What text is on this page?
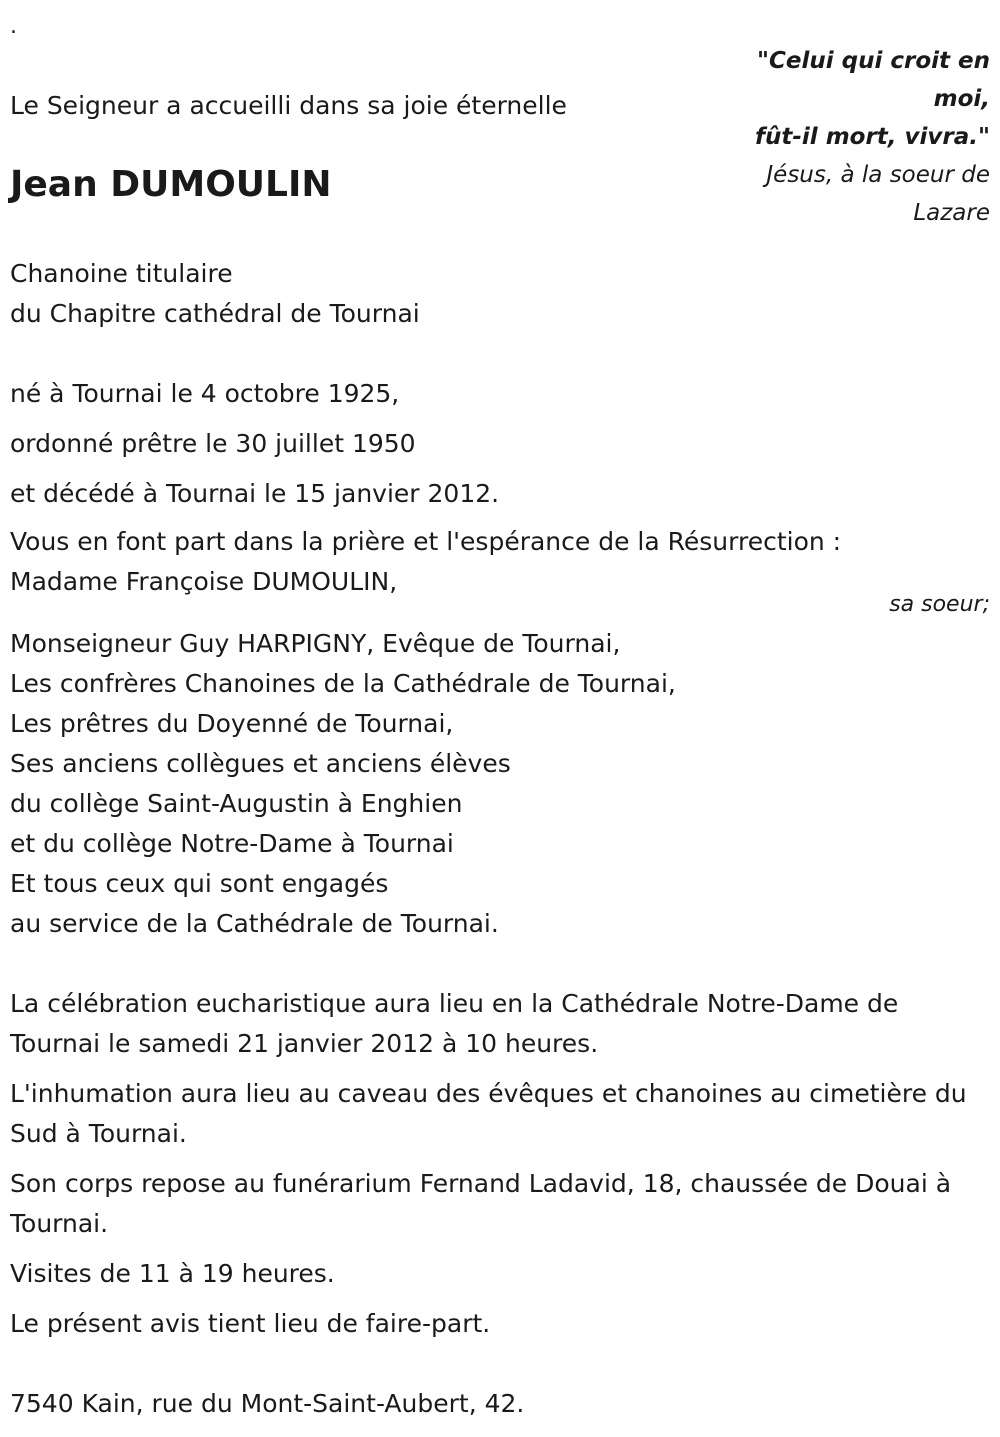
.
"Celui qui croit en moi,
fût-il mort, vivra."
Jésus, à la soeur de Lazare
Le Seigneur a accueilli dans sa joie éternelle
Jean DUMOULIN
Chanoine titulaire
du Chapitre cathédral de Tournai
né à Tournai le 4 octobre 1925,
ordonné prêtre le 30 juillet 1950
et décédé à Tournai le 15 janvier 2012.
Vous en font part dans la prière et l'espérance de la Résurrection :
Madame Françoise DUMOULIN,
sa soeur;
Monseigneur Guy HARPIGNY, Evêque de Tournai,
Les confrères Chanoines de la Cathédrale de Tournai,
Les prêtres du Doyenné de Tournai,
Ses anciens collègues et anciens élèves
du collège Saint-Augustin à Enghien
et du collège Notre-Dame à Tournai
Et tous ceux qui sont engagés
au service de la Cathédrale de Tournai.
La célébration eucharistique aura lieu en la Cathédrale Notre-Dame de Tournai le samedi 21 janvier 2012 à 10 heures.
L'inhumation aura lieu au caveau des évêques et chanoines au cimetière du Sud à Tournai.
Son corps repose au funérarium Fernand Ladavid, 18, chaussée de Douai à Tournai.
Visites de 11 à 19 heures.
Le présent avis tient lieu de faire-part.
7540 Kain, rue du Mont-Saint-Aubert, 42.
